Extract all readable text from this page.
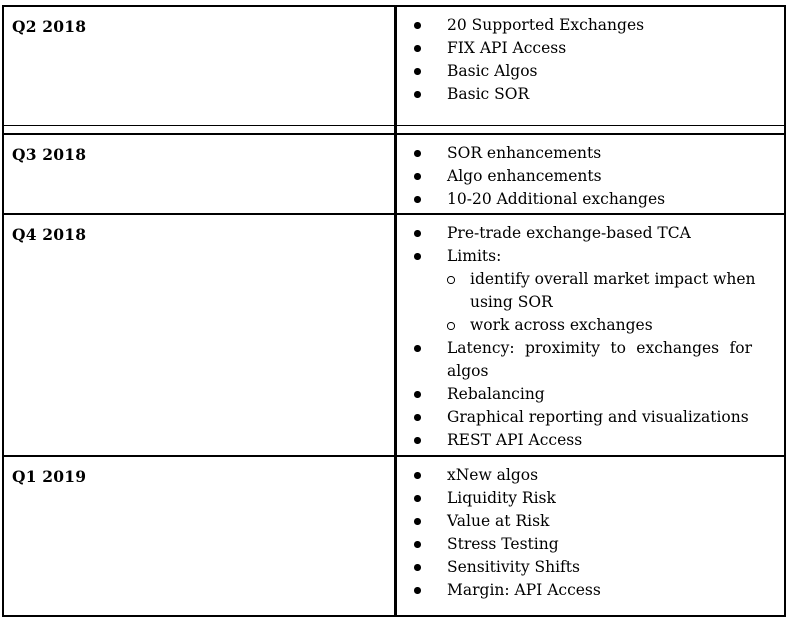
Q2 2018	20 Supported Exchanges
FIX API Access
Basic Algos
Basic SOR
Q3 2018	SOR enhancements
Algo enhancements
10-20 Additional exchanges
Q4 2018	Pre-trade exchange-based TCA
Limits:
identify overall market impact when using SOR
work across exchanges
Latency: proximity to exchanges for algos
Rebalancing
Graphical reporting and visualizations
REST API Access
Q1 2019	xNew algos
Liquidity Risk
Value at Risk
Stress Testing
Sensitivity Shifts
Margin: API Access
